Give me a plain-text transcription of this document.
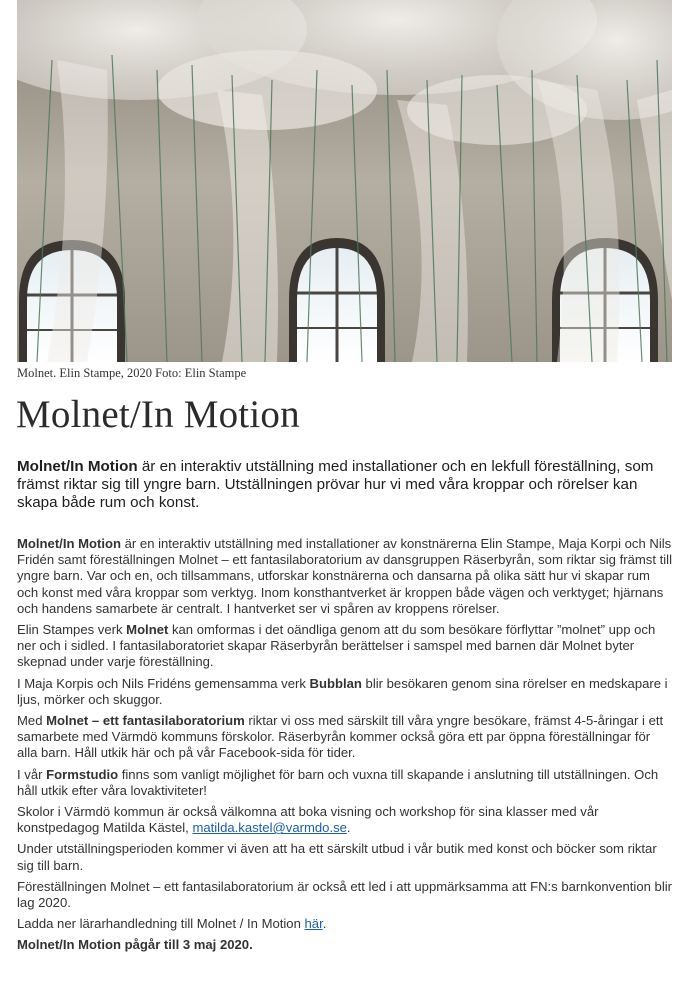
Molnet. Elin Stampe, 2020 Foto: Elin Stampe
Molnet/In Motion

Molnet/In Motion är en interaktiv utställning med installationer och en lekfull föreställning, som främst riktar sig till yngre barn. Utställningen prövar hur vi med våra kroppar och rörelser kan skapa både rum och konst.

Molnet/In Motion är en interaktiv utställning med installationer av konstnärerna Elin Stampe, Maja Korpi och Nils Fridén samt föreställningen Molnet – ett fantasilaboratorium av dansgruppen Räserbyrån, som riktar sig främst till yngre barn. Var och en, och tillsammans, utforskar konstnärerna och dansarna på olika sätt hur vi skapar rum och konst med våra kroppar som verktyg. Inom konsthantverket är kroppen både vägen och verktyget; hjärnans och handens samarbete är centralt. I hantverket ser vi spåren av kroppens rörelser.

Elin Stampes verk Molnet kan omformas i det oändliga genom att du som besökare förflyttar ”molnet” upp och ner och i sidled. I fantasilaboratoriet skapar Räserbyrån berättelser i samspel med barnen där Molnet byter skepnad under varje föreställning.

I Maja Korpis och Nils Fridéns gemensamma verk Bubblan blir besökaren genom sina rörelser en medskapare i ljus, mörker och skuggor.

Med Molnet – ett fantasilaboratorium riktar vi oss med särskilt till våra yngre besökare, främst 4-5-åringar i ett samarbete med Värmdö kommuns förskolor. Räserbyrån kommer också göra ett par öppna föreställningar för alla barn. Håll utkik här och på vår Facebook-sida för tider.

I vår Formstudio finns som vanligt möjlighet för barn och vuxna till skapande i anslutning till utställningen. Och håll utkik efter våra lovaktiviteter!

Skolor i Värmdö kommun är också välkomna att boka visning och workshop för sina klasser med vår konstpedagog Matilda Kästel, matilda.kastel@varmdo.se.

Under utställningsperioden kommer vi även att ha ett särskilt utbud i vår butik med konst och böcker som riktar sig till barn.

Föreställningen Molnet – ett fantasilaboratorium är också ett led i att uppmärksamma att FN:s barnkonvention blir lag 2020.

Ladda ner lärarhandledning till Molnet / In Motion här.

Molnet/In Motion pågår till 3 maj 2020.
